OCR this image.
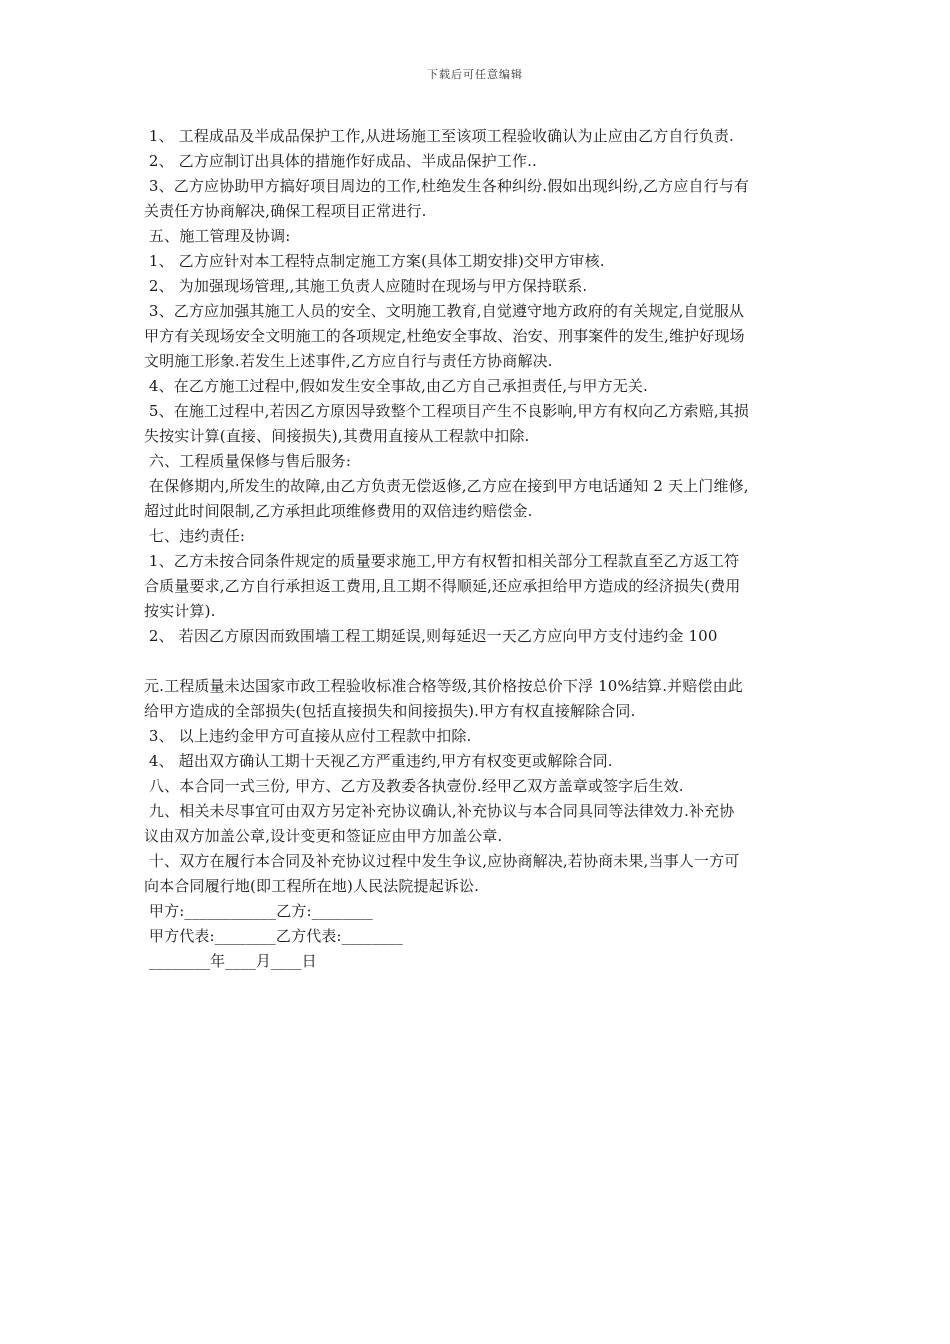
下载后可任意编辑
1、 工程成品及半成品保护工作,从进场施工至该项工程验收确认为止应由乙方自行负责.
2、 乙方应制订出具体的措施作好成品、半成品保护工作..
3、乙方应协助甲方搞好项目周边的工作,杜绝发生各种纠纷.假如出现纠纷,乙方应自行与有
关责任方协商解决,确保工程项目正常进行.
五、施工管理及协调:
1、 乙方应针对本工程特点制定施工方案(具体工期安排)交甲方审核.
2、 为加强现场管理,,其施工负责人应随时在现场与甲方保持联系.
3、乙方应加强其施工人员的安全、文明施工教育,自觉遵守地方政府的有关规定,自觉服从
甲方有关现场安全文明施工的各项规定,杜绝安全事故、治安、刑事案件的发生,维护好现场
文明施工形象.若发生上述事件,乙方应自行与责任方协商解决.
4、在乙方施工过程中,假如发生安全事故,由乙方自己承担责任,与甲方无关.
5、在施工过程中,若因乙方原因导致整个工程项目产生不良影响,甲方有权向乙方索赔,其损
失按实计算(直接、间接损失),其费用直接从工程款中扣除.
六、工程质量保修与售后服务:
在保修期内,所发生的故障,由乙方负责无偿返修,乙方应在接到甲方电话通知 2 天上门维修,
超过此时间限制,乙方承担此项维修费用的双倍违约赔偿金.
七、违约责任:
1、乙方未按合同条件规定的质量要求施工,甲方有权暂扣相关部分工程款直至乙方返工符
合质量要求,乙方自行承担返工费用,且工期不得顺延,还应承担给甲方造成的经济损失(费用
按实计算).
2、 若因乙方原因而致围墙工程工期延误,则每延迟一天乙方应向甲方支付违约金 100
元.工程质量未达国家市政工程验收标准合格等级,其价格按总价下浮 10%结算.并赔偿由此
给甲方造成的全部损失(包括直接损失和间接损失).甲方有权直接解除合同.
3、 以上违约金甲方可直接从应付工程款中扣除.
4、 超出双方确认工期十天视乙方严重违约,甲方有权变更或解除合同.
八、本合同一式三份, 甲方、乙方及教委各执壹份.经甲乙双方盖章或签字后生效.
九、相关未尽事宜可由双方另定补充协议确认,补充协议与本合同具同等法律效力.补充协
议由双方加盖公章,设计变更和签证应由甲方加盖公章.
十、双方在履行本合同及补充协议过程中发生争议,应协商解决,若协商未果,当事人一方可
向本合同履行地(即工程所在地)人民法院提起诉讼.
甲方:____________乙方:________
甲方代表:________乙方代表:________
________年____月____日
